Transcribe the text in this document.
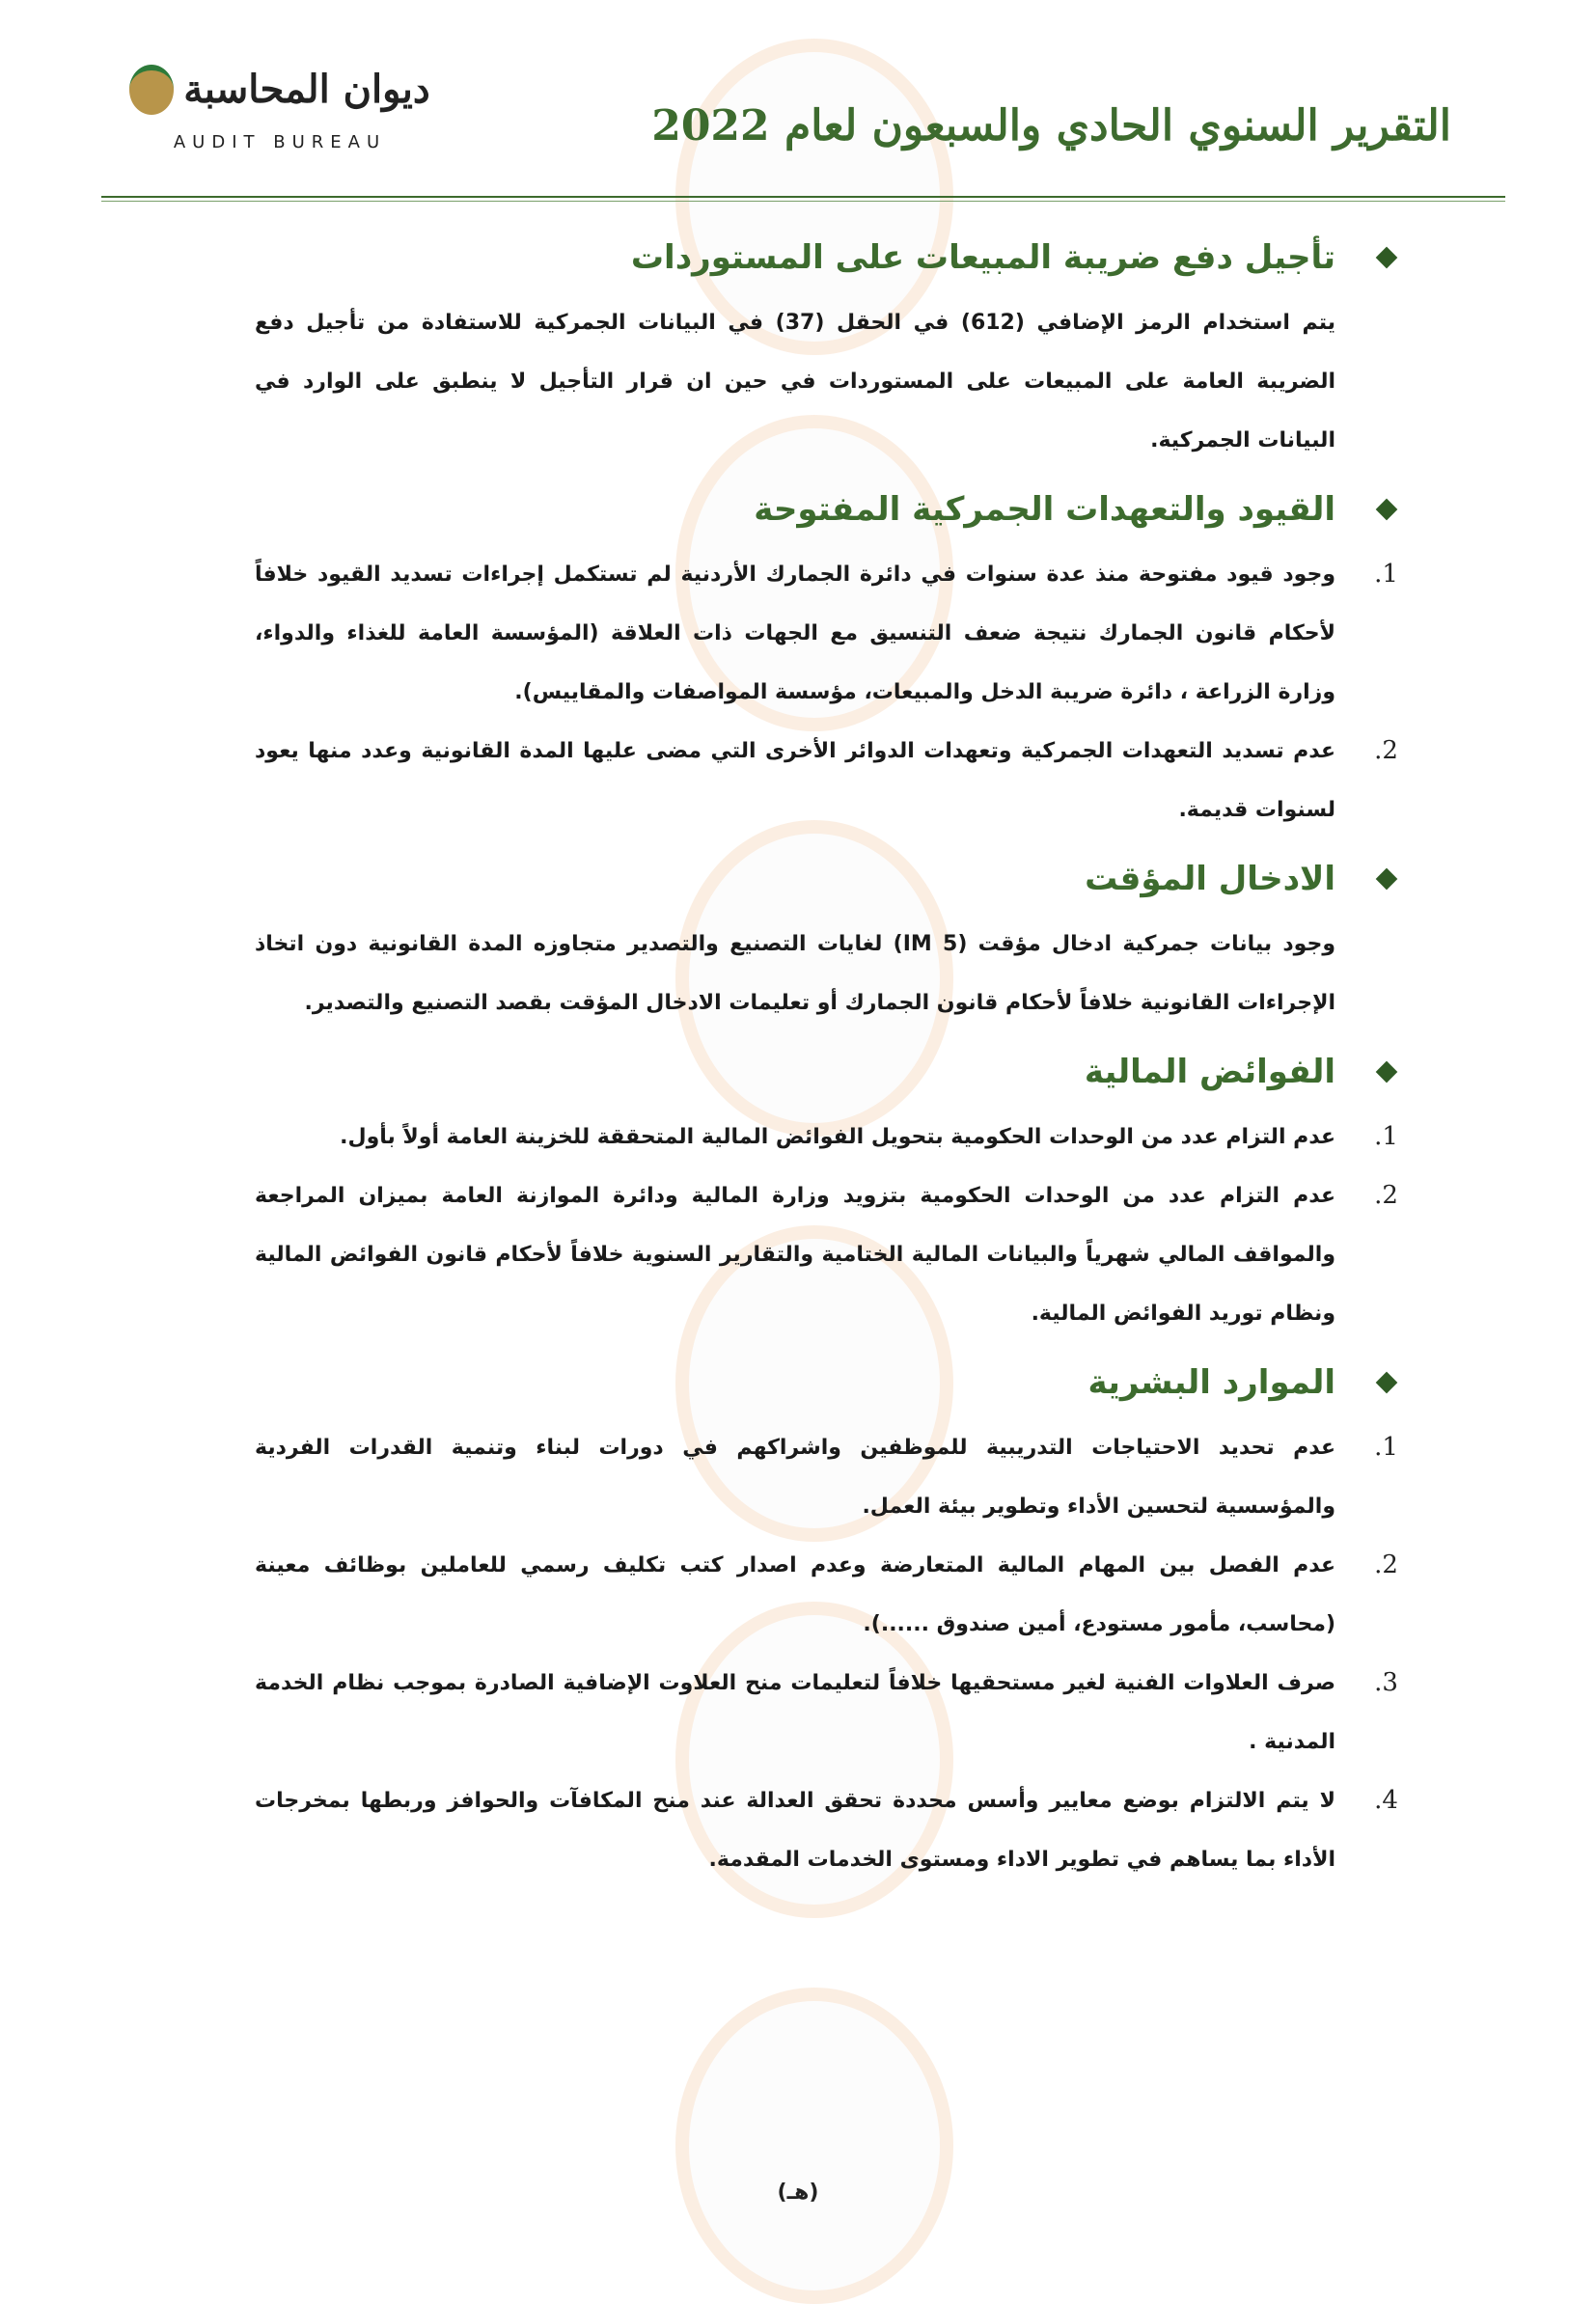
ديوان المحاسبة
AUDIT BUREAU	التقرير السنوي الحادي والسبعون لعام 2022
تأجيل دفع ضريبة المبيعات على المستوردات
يتم استخدام الرمز الإضافي (612) في الحقل (37) في البيانات الجمركية للاستفادة من تأجيل دفع الضريبة العامة على المبيعات على المستوردات في حين ان قرار التأجيل لا ينطبق على الوارد في البيانات الجمركية.
القيود والتعهدات الجمركية المفتوحة
1.
وجود قيود مفتوحة منذ عدة سنوات في دائرة الجمارك الأردنية لم تستكمل إجراءات تسديد القيود خلافاً لأحكام قانون الجمارك نتيجة ضعف التنسيق مع الجهات ذات العلاقة (المؤسسة العامة للغذاء والدواء، وزارة الزراعة ، دائرة ضريبة الدخل والمبيعات، مؤسسة المواصفات والمقاييس).
2.
عدم تسديد التعهدات الجمركية وتعهدات الدوائر الأخرى التي مضى عليها المدة القانونية وعدد منها يعود لسنوات قديمة.
الادخال المؤقت
وجود بيانات جمركية ادخال مؤقت (IM 5) لغايات التصنيع والتصدير متجاوزه المدة القانونية دون اتخاذ الإجراءات القانونية خلافاً لأحكام قانون الجمارك أو تعليمات الادخال المؤقت بقصد التصنيع والتصدير.
الفوائض المالية
1.
عدم التزام عدد من الوحدات الحكومية بتحويل الفوائض المالية المتحققة للخزينة العامة أولاً بأول.
2.
عدم التزام عدد من الوحدات الحكومية بتزويد وزارة المالية ودائرة الموازنة العامة بميزان المراجعة والمواقف المالي شهرياً والبيانات المالية الختامية والتقارير السنوية خلافاً لأحكام قانون الفوائض المالية ونظام توريد الفوائض المالية.
الموارد البشرية
1.
عدم تحديد الاحتياجات التدريبية للموظفين واشراكهم في دورات لبناء وتنمية القدرات الفردية والمؤسسية لتحسين الأداء وتطوير بيئة العمل.
2.
عدم الفصل بين المهام المالية المتعارضة وعدم اصدار كتب تكليف رسمي للعاملين بوظائف معينة (محاسب، مأمور مستودع، أمين صندوق ......).
3.
صرف العلاوات الفنية لغير مستحقيها خلافاً لتعليمات منح العلاوت الإضافية الصادرة بموجب نظام الخدمة المدنية .
4.
لا يتم الالتزام بوضع معايير وأسس محددة تحقق العدالة عند منح المكافآت والحوافز وربطها بمخرجات الأداء بما يساهم في تطوير الاداء ومستوى الخدمات المقدمة.
(هـ)
